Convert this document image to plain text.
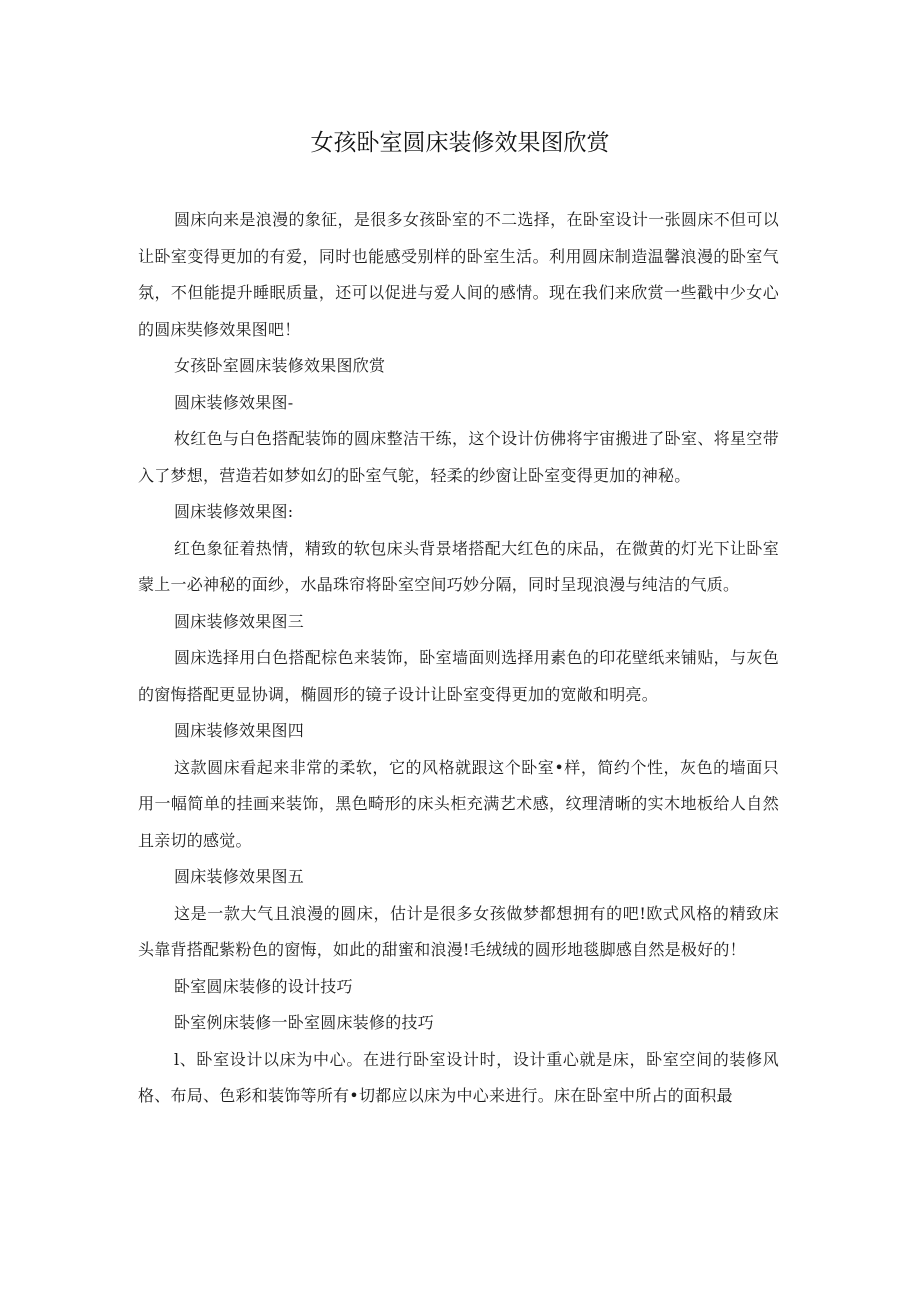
女孩卧室圆床装修效果图欣赏

圆床向来是浪漫的象征，是很多女孩卧室的不二选择，在卧室设计一张圆床不但可以让卧室变得更加的有爱，同时也能感受别样的卧室生活。利用圆床制造温馨浪漫的卧室气氛，不但能提升睡眠质量，还可以促进与爱人间的感情。现在我们来欣赏一些戳中少女心的圆床奘修效果图吧！

女孩卧室圆床装修效果图欣赏

圆床装修效果图-

枚红色与白色搭配装饰的圆床整洁干练，这个设计仿佛将宇宙搬进了卧室、将星空带入了梦想，营造若如梦如幻的卧室气鸵，轻柔的纱窗让卧室变得更加的神秘。

圆床装修效果图:

红色象征着热情，精致的软包床头背景堵搭配大红色的床品，在微黄的灯光下让卧室蒙上一必神秘的面纱，水晶珠帘将卧室空间巧妙分隔，同时呈现浪漫与纯洁的气质。

圆床装修效果图三

圆床选择用白色搭配棕色来装饰，卧室墙面则选择用素色的印花壁纸来铺贴，与灰色的窗悔搭配更显协调，椭圆形的镜子设计让卧室变得更加的宽敞和明亮。

圆床装修效果图四

这款圆床看起来非常的柔软，它的风格就跟这个卧室•样，简约个性，灰色的墙面只用一幅简单的挂画来装饰，黑色畸形的床头柜充满艺术感，纹理清晰的实木地板给人自然且亲切的感觉。

圆床装修效果图五

这是一款大气且浪漫的圆床，估计是很多女孩做梦都想拥有的吧!欧式风格的精致床头靠背搭配紫粉色的窗悔，如此的甜蜜和浪漫!毛绒绒的圆形地毯脚感自然是极好的！

卧室圆床装修的设计技巧

卧室例床装修一卧室圆床装修的技巧

l、卧室设计以床为中心。在进行卧室设计时，设计重心就是床，卧室空间的装修风格、布局、色彩和装饰等所有•切都应以床为中心来进行。床在卧室中所占的面积最
